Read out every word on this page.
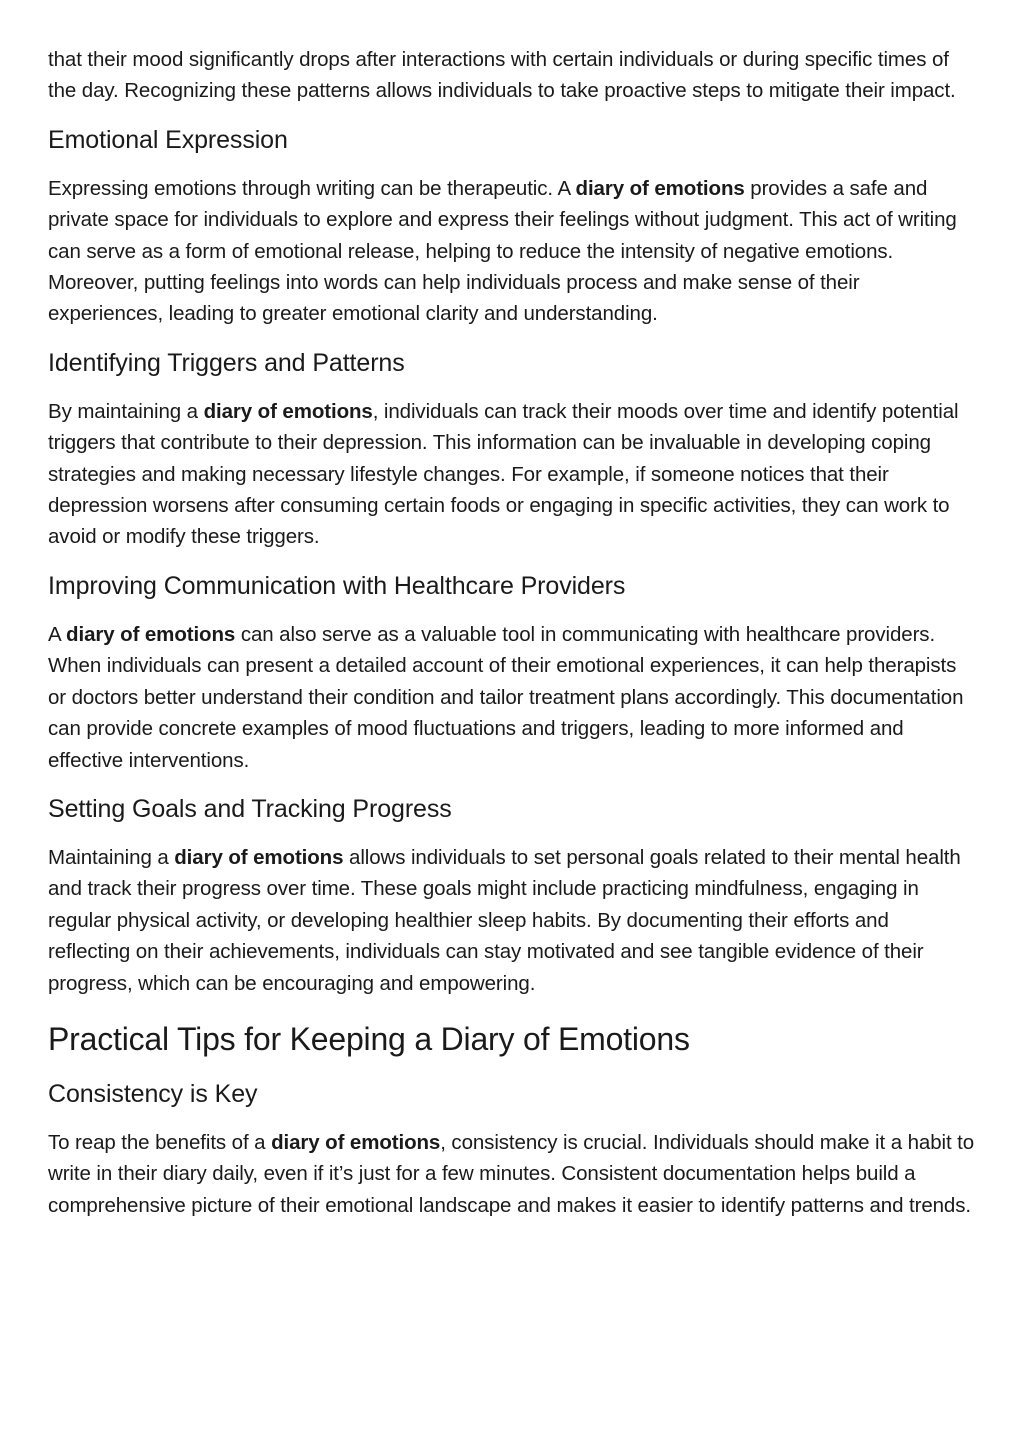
that their mood significantly drops after interactions with certain individuals or during specific times of the day. Recognizing these patterns allows individuals to take proactive steps to mitigate their impact.

Emotional Expression

Expressing emotions through writing can be therapeutic. A diary of emotions provides a safe and private space for individuals to explore and express their feelings without judgment. This act of writing can serve as a form of emotional release, helping to reduce the intensity of negative emotions. Moreover, putting feelings into words can help individuals process and make sense of their experiences, leading to greater emotional clarity and understanding.

Identifying Triggers and Patterns

By maintaining a diary of emotions, individuals can track their moods over time and identify potential triggers that contribute to their depression. This information can be invaluable in developing coping strategies and making necessary lifestyle changes. For example, if someone notices that their depression worsens after consuming certain foods or engaging in specific activities, they can work to avoid or modify these triggers.

Improving Communication with Healthcare Providers

A diary of emotions can also serve as a valuable tool in communicating with healthcare providers. When individuals can present a detailed account of their emotional experiences, it can help therapists or doctors better understand their condition and tailor treatment plans accordingly. This documentation can provide concrete examples of mood fluctuations and triggers, leading to more informed and effective interventions.

Setting Goals and Tracking Progress

Maintaining a diary of emotions allows individuals to set personal goals related to their mental health and track their progress over time. These goals might include practicing mindfulness, engaging in regular physical activity, or developing healthier sleep habits. By documenting their efforts and reflecting on their achievements, individuals can stay motivated and see tangible evidence of their progress, which can be encouraging and empowering.

Practical Tips for Keeping a Diary of Emotions
Consistency is Key

To reap the benefits of a diary of emotions, consistency is crucial. Individuals should make it a habit to write in their diary daily, even if it’s just for a few minutes. Consistent documentation helps build a comprehensive picture of their emotional landscape and makes it easier to identify patterns and trends.
